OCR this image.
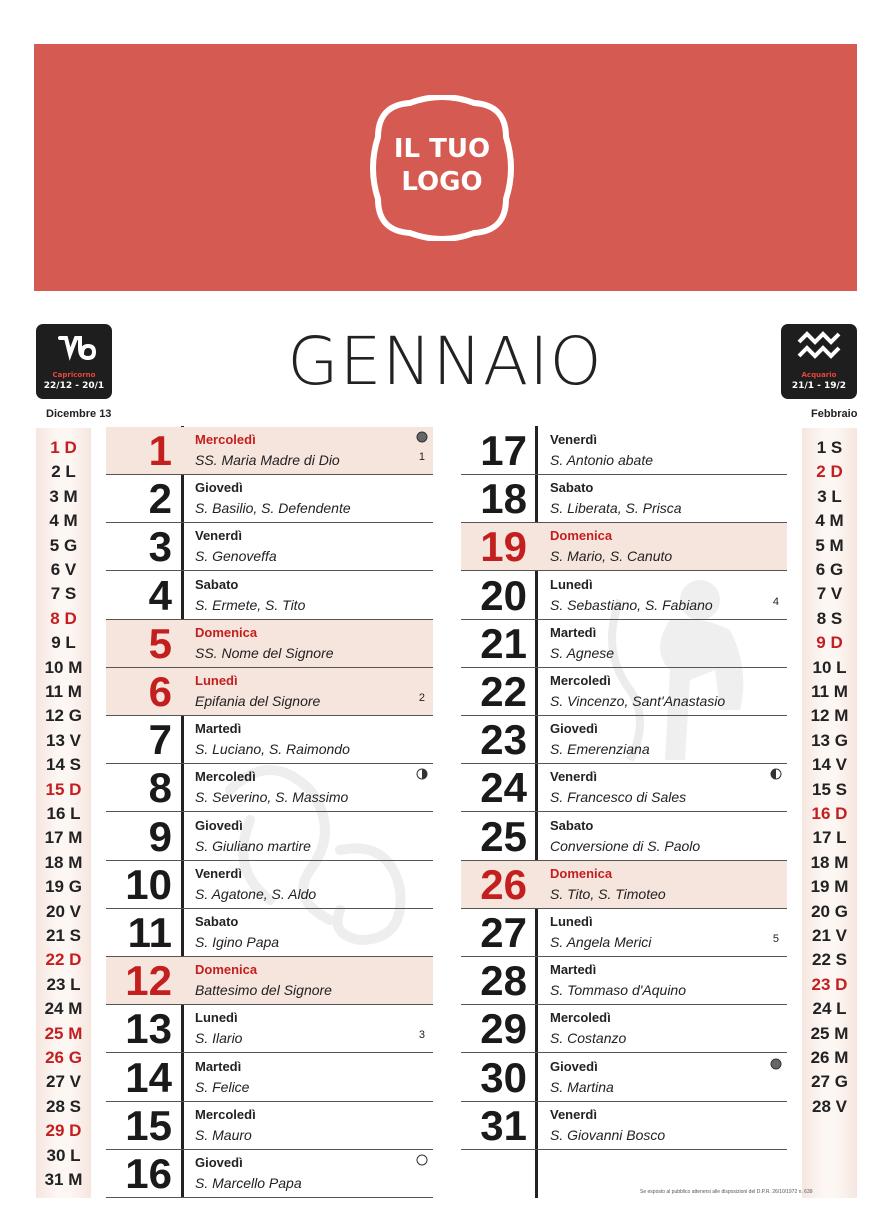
IL TUO
LOGO
GENNAIO
Capricorno
22/12 - 20/1
Acquario
21/1 - 19/2
Dicembre 13	Febbraio
1 D
2 L
3 M
4 M
5 G
6 V
7 S
8 D
9 L
10 M
11 M
12 G
13 V
14 S
15 D
16 L
17 M
18 M
19 G
20 V
21 S
22 D
23 L
24 M
25 M
26 G
27 V
28 S
29 D
30 L
31 M
1 S
2 D
3 L
4 M
5 M
6 G
7 V
8 S
9 D
10 L
11 M
12 M
13 G
14 V
15 S
16 D
17 L
18 M
19 M
20 G
21 V
22 S
23 D
24 L
25 M
26 M
27 G
28 V
1 Mercoledì
SS. Maria Madre di Dio	1
2 Giovedì
S. Basilio, S. Defendente
3 Venerdì
S. Genoveffa
4 Sabato
S. Ermete, S. Tito
5 Domenica
SS. Nome del Signore
6 Lunedì
Epifania del Signore	2
7 Martedì
S. Luciano, S. Raimondo
8 Mercoledì
S. Severino, S. Massimo
9 Giovedì
S. Giuliano martire
10 Venerdì
S. Agatone, S. Aldo
11 Sabato
S. Igino Papa
12 Domenica
Battesimo del Signore
13 Lunedì
S. Ilario	3
14 Martedì
S. Felice
15 Mercoledì
S. Mauro
16 Giovedì
S. Marcello Papa
17 Venerdì
S. Antonio abate
18 Sabato
S. Liberata, S. Prisca
19 Domenica
S. Mario, S. Canuto
20 Lunedì
S. Sebastiano, S. Fabiano	4
21 Martedì
S. Agnese
22 Mercoledì
S. Vincenzo, Sant'Anastasio
23 Giovedì
S. Emerenziana
24 Venerdì
S. Francesco di Sales
25 Sabato
Conversione di S. Paolo
26 Domenica
S. Tito, S. Timoteo
27 Lunedì
S. Angela Merici	5
28 Martedì
S. Tommaso d'Aquino
29 Mercoledì
S. Costanzo
30 Giovedì
S. Martina
31 Venerdì
S. Giovanni Bosco
Se esposto al pubblico attenersi alle disposizioni del D.P.R. 26/10/1972 n. 639
